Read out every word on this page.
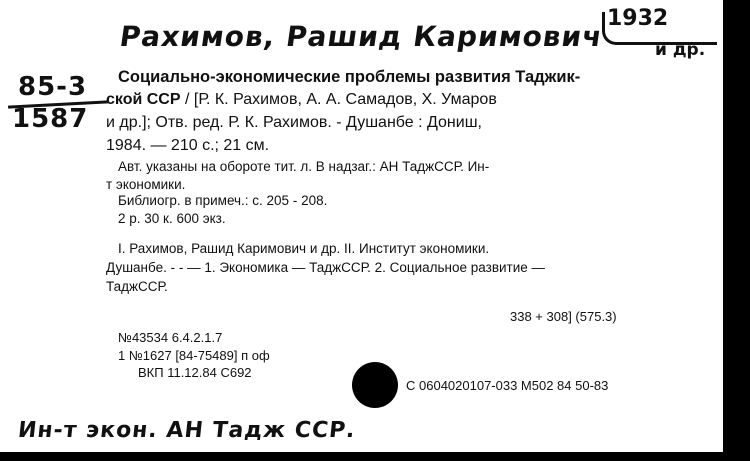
Рахимов, Рашид Каримович
1932
и др.
85-3
1587
Социально-экономические проблемы развития Таджик-
ской ССР / [Р. К. Рахимов, А. А. Самадов, Х. Умаров
и др.]; Отв. ред. Р. К. Рахимов. - Душанбе : Дониш,
1984. — 210 с.; 21 см.
Авт. указаны на обороте тит. л. В надзаг.: АН ТаджССР. Ин-
т экономики.
Библиогр. в примеч.: с. 205 - 208.
2 р. 30 к. 600 экз.
I. Рахимов, Рашид Каримович и др. II. Институт экономики.
Душанбе. - - — 1. Экономика — ТаджССР. 2. Социальное развитие —
ТаджССР.
338 + 308] (575.3)
№43534 6.4.2.1.7
1 №1627 [84-75489] п оф
ВКП 11.12.84 С692
С 0604020107-033 М502 84 50-83
Ин-т экон. АН Тадж ССР.
